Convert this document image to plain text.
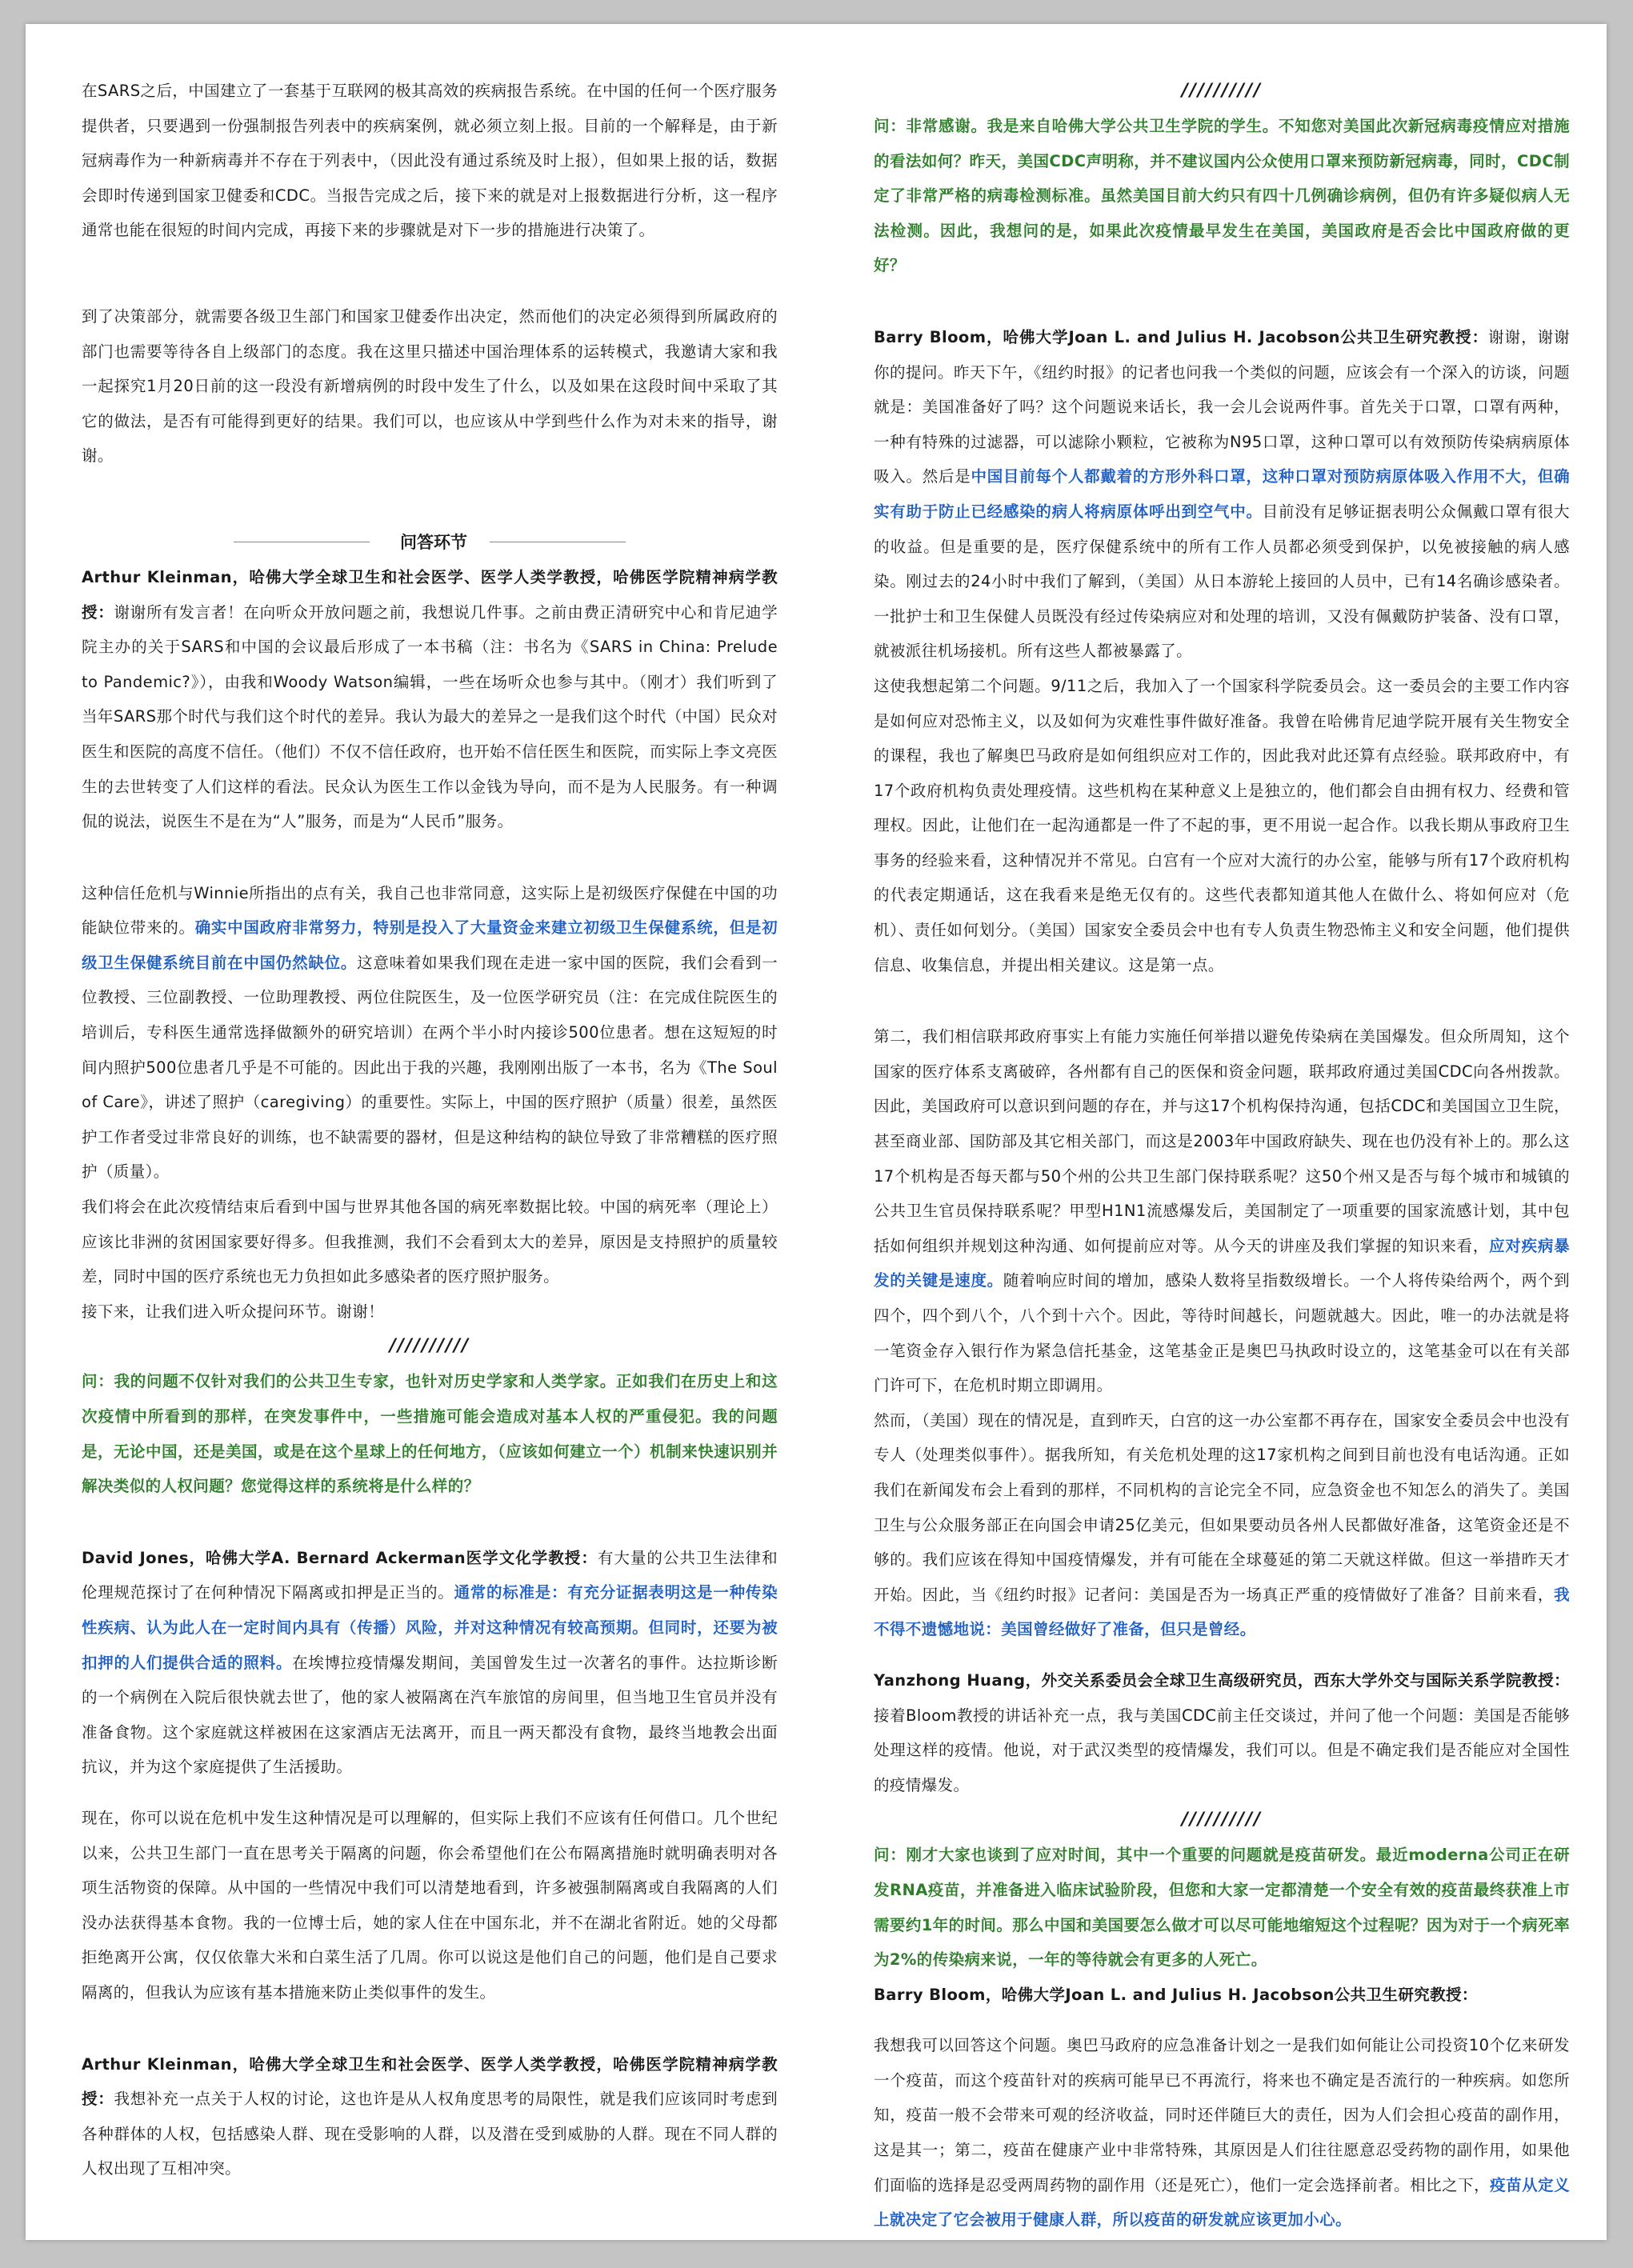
在SARS之后，中国建立了一套基于互联网的极其高效的疾病报告系统。在中国的任何一个医疗服务提供者，只要遇到一份强制报告列表中的疾病案例，就必须立刻上报。目前的一个解释是，由于新冠病毒作为一种新病毒并不存在于列表中，（因此没有通过系统及时上报），但如果上报的话，数据会即时传递到国家卫健委和CDC。当报告完成之后，接下来的就是对上报数据进行分析，这一程序通常也能在很短的时间内完成，再接下来的步骤就是对下一步的措施进行决策了。

到了决策部分，就需要各级卫生部门和国家卫健委作出决定，然而他们的决定必须得到所属政府的部门也需要等待各自上级部门的态度。我在这里只描述中国治理体系的运转模式，我邀请大家和我一起探究1月20日前的这一段没有新增病例的时段中发生了什么，以及如果在这段时间中采取了其它的做法，是否有可能得到更好的结果。我们可以，也应该从中学到些什么作为对未来的指导，谢谢。

问答环节

Arthur Kleinman，哈佛大学全球卫生和社会医学、医学人类学教授，哈佛医学院精神病学教授：谢谢所有发言者！在向听众开放问题之前，我想说几件事。之前由费正清研究中心和肯尼迪学院主办的关于SARS和中国的会议最后形成了一本书稿（注：书名为《SARS in China: Prelude to Pandemic?》），由我和Woody Watson编辑，一些在场听众也参与其中。（刚才）我们听到了当年SARS那个时代与我们这个时代的差异。我认为最大的差异之一是我们这个时代（中国）民众对医生和医院的高度不信任。（他们）不仅不信任政府，也开始不信任医生和医院，而实际上李文亮医生的去世转变了人们这样的看法。民众认为医生工作以金钱为导向，而不是为人民服务。有一种调侃的说法，说医生不是在为“人”服务，而是为“人民币”服务。

这种信任危机与Winnie所指出的点有关，我自己也非常同意，这实际上是初级医疗保健在中国的功能缺位带来的。确实中国政府非常努力，特别是投入了大量资金来建立初级卫生保健系统，但是初级卫生保健系统目前在中国仍然缺位。这意味着如果我们现在走进一家中国的医院，我们会看到一位教授、三位副教授、一位助理教授、两位住院医生，及一位医学研究员（注：在完成住院医生的培训后，专科医生通常选择做额外的研究培训）在两个半小时内接诊500位患者。想在这短短的时间内照护500位患者几乎是不可能的。因此出于我的兴趣，我刚刚出版了一本书，名为《The Soul of Care》，讲述了照护（caregiving）的重要性。实际上，中国的医疗照护（质量）很差，虽然医护工作者受过非常良好的训练，也不缺需要的器材，但是这种结构的缺位导致了非常糟糕的医疗照护（质量）。

我们将会在此次疫情结束后看到中国与世界其他各国的病死率数据比较。中国的病死率（理论上）应该比非洲的贫困国家要好得多。但我推测，我们不会看到太大的差异，原因是支持照护的质量较差，同时中国的医疗系统也无力负担如此多感染者的医疗照护服务。

接下来，让我们进入听众提问环节。谢谢！

//////////

问：我的问题不仅针对我们的公共卫生专家，也针对历史学家和人类学家。正如我们在历史上和这次疫情中所看到的那样，在突发事件中，一些措施可能会造成对基本人权的严重侵犯。我的问题是，无论中国，还是美国，或是在这个星球上的任何地方，（应该如何建立一个）机制来快速识别并解决类似的人权问题？您觉得这样的系统将是什么样的？

David Jones，哈佛大学A. Bernard Ackerman医学文化学教授：有大量的公共卫生法律和伦理规范探讨了在何种情况下隔离或扣押是正当的。通常的标准是：有充分证据表明这是一种传染性疾病、认为此人在一定时间内具有（传播）风险，并对这种情况有较高预期。但同时，还要为被扣押的人们提供合适的照料。在埃博拉疫情爆发期间，美国曾发生过一次著名的事件。达拉斯诊断的一个病例在入院后很快就去世了，他的家人被隔离在汽车旅馆的房间里，但当地卫生官员并没有准备食物。这个家庭就这样被困在这家酒店无法离开，而且一两天都没有食物，最终当地教会出面抗议，并为这个家庭提供了生活援助。

现在，你可以说在危机中发生这种情况是可以理解的，但实际上我们不应该有任何借口。几个世纪以来，公共卫生部门一直在思考关于隔离的问题，你会希望他们在公布隔离措施时就明确表明对各项生活物资的保障。从中国的一些情况中我们可以清楚地看到，许多被强制隔离或自我隔离的人们没办法获得基本食物。我的一位博士后，她的家人住在中国东北，并不在湖北省附近。她的父母都拒绝离开公寓，仅仅依靠大米和白菜生活了几周。你可以说这是他们自己的问题，他们是自己要求隔离的，但我认为应该有基本措施来防止类似事件的发生。

Arthur Kleinman，哈佛大学全球卫生和社会医学、医学人类学教授，哈佛医学院精神病学教授：我想补充一点关于人权的讨论，这也许是从人权角度思考的局限性，就是我们应该同时考虑到各种群体的人权，包括感染人群、现在受影响的人群，以及潜在受到威胁的人群。现在不同人群的人权出现了互相冲突。

//////////

问：非常感谢。我是来自哈佛大学公共卫生学院的学生。不知您对美国此次新冠病毒疫情应对措施的看法如何？昨天，美国CDC声明称，并不建议国内公众使用口罩来预防新冠病毒，同时，CDC制定了非常严格的病毒检测标准。虽然美国目前大约只有四十几例确诊病例，但仍有许多疑似病人无法检测。因此，我想问的是，如果此次疫情最早发生在美国，美国政府是否会比中国政府做的更好？

Barry Bloom，哈佛大学Joan L. and Julius H. Jacobson公共卫生研究教授：谢谢，谢谢你的提问。昨天下午，《纽约时报》的记者也问我一个类似的问题，应该会有一个深入的访谈，问题就是：美国准备好了吗？这个问题说来话长，我一会儿会说两件事。首先关于口罩，口罩有两种，一种有特殊的过滤器，可以滤除小颗粒，它被称为N95口罩，这种口罩可以有效预防传染病病原体吸入。然后是中国目前每个人都戴着的方形外科口罩，这种口罩对预防病原体吸入作用不大，但确实有助于防止已经感染的病人将病原体呼出到空气中。目前没有足够证据表明公众佩戴口罩有很大的收益。但是重要的是，医疗保健系统中的所有工作人员都必须受到保护，以免被接触的病人感染。刚过去的24小时中我们了解到，（美国）从日本游轮上接回的人员中，已有14名确诊感染者。一批护士和卫生保健人员既没有经过传染病应对和处理的培训，又没有佩戴防护装备、没有口罩，就被派往机场接机。所有这些人都被暴露了。

这使我想起第二个问题。9/11之后，我加入了一个国家科学院委员会。这一委员会的主要工作内容是如何应对恐怖主义，以及如何为灾难性事件做好准备。我曾在哈佛肯尼迪学院开展有关生物安全的课程，我也了解奥巴马政府是如何组织应对工作的，因此我对此还算有点经验。联邦政府中，有17个政府机构负责处理疫情。这些机构在某种意义上是独立的，他们都会自由拥有权力、经费和管理权。因此，让他们在一起沟通都是一件了不起的事，更不用说一起合作。以我长期从事政府卫生事务的经验来看，这种情况并不常见。白宫有一个应对大流行的办公室，能够与所有17个政府机构的代表定期通话，这在我看来是绝无仅有的。这些代表都知道其他人在做什么、将如何应对（危机）、责任如何划分。（美国）国家安全委员会中也有专人负责生物恐怖主义和安全问题，他们提供信息、收集信息，并提出相关建议。这是第一点。

第二，我们相信联邦政府事实上有能力实施任何举措以避免传染病在美国爆发。但众所周知，这个国家的医疗体系支离破碎，各州都有自己的医保和资金问题，联邦政府通过美国CDC向各州拨款。因此，美国政府可以意识到问题的存在，并与这17个机构保持沟通，包括CDC和美国国立卫生院，甚至商业部、国防部及其它相关部门，而这是2003年中国政府缺失、现在也仍没有补上的。那么这17个机构是否每天都与50个州的公共卫生部门保持联系呢？这50个州又是否与每个城市和城镇的公共卫生官员保持联系呢？甲型H1N1流感爆发后，美国制定了一项重要的国家流感计划，其中包括如何组织并规划这种沟通、如何提前应对等。从今天的讲座及我们掌握的知识来看，应对疾病暴发的关键是速度。随着响应时间的增加，感染人数将呈指数级增长。一个人将传染给两个，两个到四个，四个到八个，八个到十六个。因此，等待时间越长，问题就越大。因此，唯一的办法就是将一笔资金存入银行作为紧急信托基金，这笔基金正是奥巴马执政时设立的，这笔基金可以在有关部门许可下，在危机时期立即调用。

然而，（美国）现在的情况是，直到昨天，白宫的这一办公室都不再存在，国家安全委员会中也没有专人（处理类似事件）。据我所知，有关危机处理的这17家机构之间到目前也没有电话沟通。正如我们在新闻发布会上看到的那样，不同机构的言论完全不同，应急资金也不知怎么的消失了。美国卫生与公众服务部正在向国会申请25亿美元，但如果要动员各州人民都做好准备，这笔资金还是不够的。我们应该在得知中国疫情爆发，并有可能在全球蔓延的第二天就这样做。但这一举措昨天才开始。因此，当《纽约时报》记者问：美国是否为一场真正严重的疫情做好了准备？目前来看，我不得不遗憾地说：美国曾经做好了准备，但只是曾经。

Yanzhong Huang，外交关系委员会全球卫生高级研究员，西东大学外交与国际关系学院教授：接着Bloom教授的讲话补充一点，我与美国CDC前主任交谈过，并问了他一个问题：美国是否能够处理这样的疫情。他说，对于武汉类型的疫情爆发，我们可以。但是不确定我们是否能应对全国性的疫情爆发。

//////////

问：刚才大家也谈到了应对时间，其中一个重要的问题就是疫苗研发。最近moderna公司正在研发RNA疫苗，并准备进入临床试验阶段，但您和大家一定都清楚一个安全有效的疫苗最终获准上市需要约1年的时间。那么中国和美国要怎么做才可以尽可能地缩短这个过程呢？因为对于一个病死率为2%的传染病来说，一年的等待就会有更多的人死亡。

Barry Bloom，哈佛大学Joan L. and Julius H. Jacobson公共卫生研究教授：

我想我可以回答这个问题。奥巴马政府的应急准备计划之一是我们如何能让公司投资10个亿来研发一个疫苗，而这个疫苗针对的疾病可能早已不再流行，将来也不确定是否流行的一种疾病。如您所知，疫苗一般不会带来可观的经济收益，同时还伴随巨大的责任，因为人们会担心疫苗的副作用，这是其一；第二，疫苗在健康产业中非常特殊，其原因是人们往往愿意忍受药物的副作用，如果他们面临的选择是忍受两周药物的副作用（还是死亡），他们一定会选择前者。相比之下，疫苗从定义上就决定了它会被用于健康人群，所以疫苗的研发就应该更加小心。
